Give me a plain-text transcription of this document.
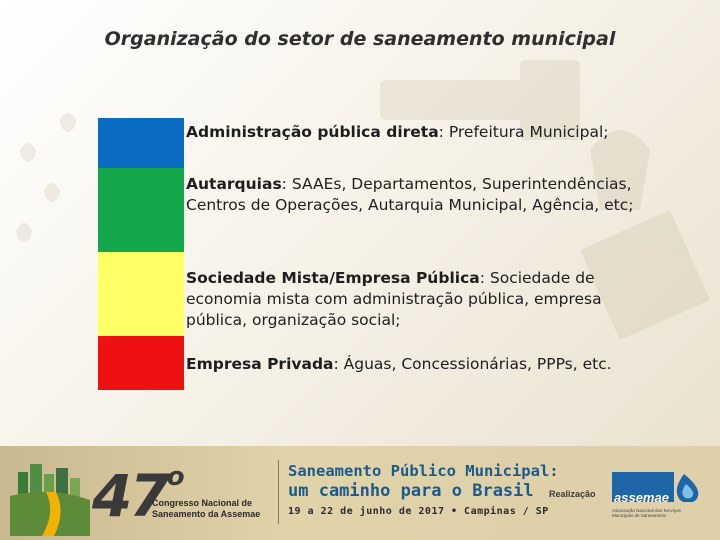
Organização do setor de saneamento municipal
Administração pública direta: Prefeitura Municipal;
Autarquias: SAAEs, Departamentos, Superintendências, Centros de Operações, Autarquia Municipal, Agência, etc;
Sociedade Mista/Empresa Pública: Sociedade de economia mista com administração pública, empresa pública, organização social;
Empresa Privada: Águas, Concessionárias, PPPs, etc.
47$^o$
Congresso Nacional de
Saneamento da Assemae
Saneamento Público Municipal:
um caminho para o Brasil
19 a 22 de junho de 2017 • Campinas / SP
Realização assemae
Associação Nacional dos Serviços Municipais de Saneamento
